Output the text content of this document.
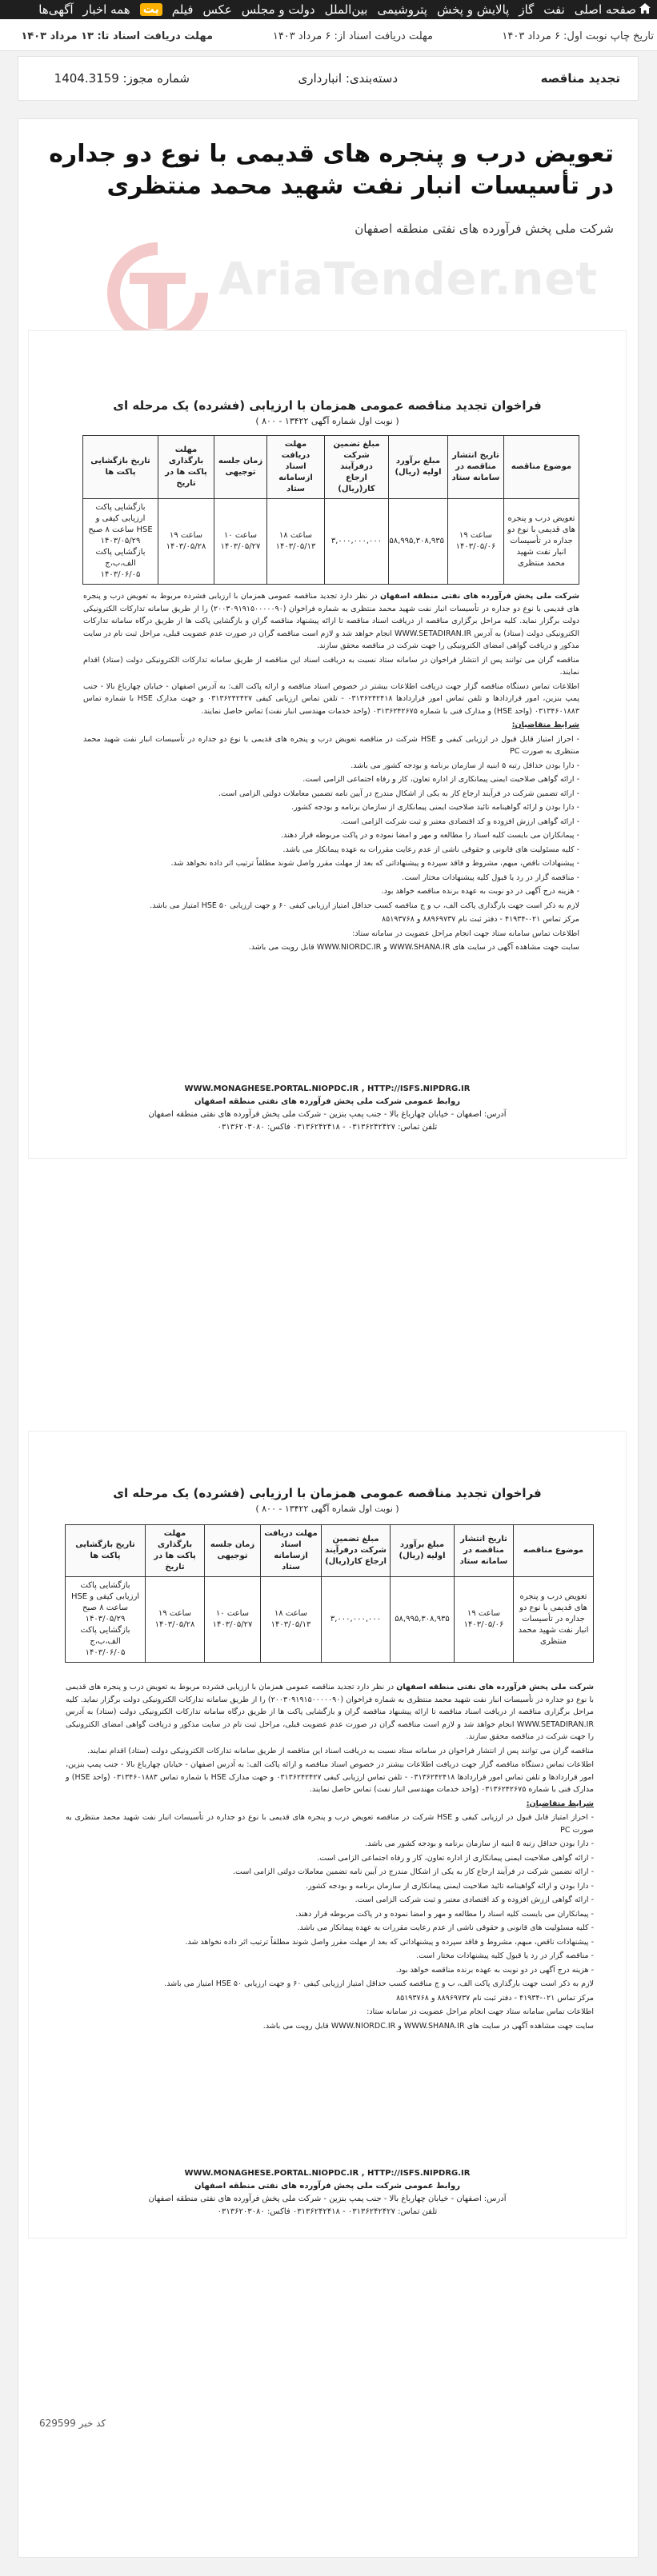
صفحه اصلی
نفت
گاز
پالایش و پخش
پتروشیمی
بین‌الملل
دولت و مجلس
عکس
فیلم
پت
همه اخبار
آگهی‌ها
تاریخ چاپ نوبت اول: ۶ مرداد ۱۴۰۳
مهلت دریافت اسناد از: ۶ مرداد ۱۴۰۳
مهلت دریافت اسناد تا: ۱۳ مرداد ۱۴۰۳
تجدید مناقصه
دسته‌بندی: انبارداری
شماره مجوز: 1404.3159
تعویض درب و پنجره های قدیمی با نوع دو جداره در تأسیسات انبار نفت شهید محمد منتظری
شرکت ملی پخش فرآورده های نفتی منطقه اصفهان
AriaTender.net
فراخوان تجدید مناقصه عمومی همزمان با ارزیابی (فشرده) یک مرحله ای
( نوبت اول شماره آگهی ۱۳۴۲۲ - ۸۰۰ )
موضوع مناقصه	تاریخ انتشار مناقصه در سامانه ستاد	مبلغ برآورد اولیه (ریال)	مبلغ تضمین شرکت درفرآیند ارجاع کار(ریال)	مهلت دریافت اسناد ازسامانه ستاد	زمان جلسه توجیهی	مهلت بارگذاری پاکت ها در تاریخ	تاریخ بازگشایی پاکت ها
تعویض درب و پنجره های قدیمی با نوع دو جداره در تأسیسات انبار نفت شهید محمد منتظری	ساعت ۱۹ ۱۴۰۳/۰۵/۰۶	۵۸,۹۹۵,۳۰۸,۹۳۵	۳,۰۰۰,۰۰۰,۰۰۰	ساعت ۱۸ ۱۴۰۳/۰۵/۱۳	ساعت ۱۰ ۱۴۰۳/۰۵/۲۷	ساعت ۱۹ ۱۴۰۳/۰۵/۲۸	بازگشایی پاکت ارزیابی کیفی و HSE ساعت ۸ صبح ۱۴۰۳/۰۵/۲۹ بازگشایی پاکت الف،ب،ج ۱۴۰۳/۰۶/۰۵

شرکت ملی پخش فرآورده های نفتی منطقه اصفهان در نظر دارد تجدید مناقصه عمومی همزمان با ارزیابی فشرده مربوط به تعویض درب و پنجره های قدیمی با نوع دو جداره در تأسیسات انبار نفت شهید محمد منتظری به شماره فراخوان (۲۰۰۳۰۹۱۹۱۵۰۰۰۰۰۹۰) را از طریق سامانه تدارکات الکترونیکی دولت برگزار نماید. کلیه مراحل برگزاری مناقصه از دریافت اسناد مناقصه تا ارائه پیشنهاد مناقصه گران و بازگشایی پاکت ها از طریق درگاه سامانه تدارکات الکترونیکی دولت (ستاد) به آدرس WWW.SETADIRAN.IR انجام خواهد شد و لازم است مناقصه گران در صورت عدم عضویت قبلی، مراحل ثبت نام در سایت مذکور و دریافت گواهی امضای الکترونیکی را جهت شرکت در مناقصه محقق سازند.

مناقصه گران می توانند پس از انتشار فراخوان در سامانه ستاد نسبت به دریافت اسناد این مناقصه از طریق سامانه تدارکات الکترونیکی دولت (ستاد) اقدام نمایند.

اطلاعات تماس دستگاه مناقصه گزار جهت دریافت اطلاعات بیشتر در خصوص اسناد مناقصه و ارائه پاکت الف: به آدرس اصفهان - خیابان چهارباغ بالا - جنب پمپ بنزین، امور قراردادها و تلفن تماس امور قراردادها ۰۳۱۳۶۲۴۲۴۱۸ - تلفن تماس ارزیابی کیفی ۰۳۱۳۶۲۴۲۴۲۷ و جهت مدارک HSE با شماره تماس ۰۳۱۳۴۶۰۱۸۸۳ (واحد HSE) و مدارک فنی با شماره ۰۳۱۳۶۲۴۲۶۷۵ (واحد خدمات مهندسی انبار نفت) تماس حاصل نمایند.

شرایط متقاضیان:

- احراز امتیاز قابل قبول در ارزیابی کیفی و HSE شرکت در مناقصه تعویض درب و پنجره های قدیمی با نوع دو جداره در تأسیسات انبار نفت شهید محمد منتظری به صورت PC

- دارا بودن حداقل رتبه ۵ ابنیه از سازمان برنامه و بودجه کشور می باشد.

- ارائه گواهی صلاحیت ایمنی پیمانکاری از اداره تعاون، کار و رفاه اجتماعی الزامی است.

- ارائه تضمین شرکت در فرآیند ارجاع کار به یکی از اشکال مندرج در آیین نامه تضمین معاملات دولتی الزامی است.

- دارا بودن و ارائه گواهینامه تائید صلاحیت ایمنی پیمانکاری از سازمان برنامه و بودجه کشور.

- ارائه گواهی ارزش افزوده و کد اقتصادی معتبر و ثبت شرکت الزامی است.

- پیمانکاران می بایست کلیه اسناد را مطالعه و مهر و امضا نموده و در پاکت مربوطه قرار دهند.

- کلیه مسئولیت های قانونی و حقوقی ناشی از عدم رعایت مقررات به عهده پیمانکار می باشد.

- پیشنهادات ناقص، مبهم، مشروط و فاقد سپرده و پیشنهاداتی که بعد از مهلت مقرر واصل شوند مطلقاً ترتیب اثر داده نخواهد شد.

- مناقصه گزار در رد یا قبول کلیه پیشنهادات مختار است.

- هزینه درج آگهی در دو نوبت به عهده برنده مناقصه خواهد بود.

لازم به ذکر است جهت بارگذاری پاکت الف، ب و ج مناقصه کسب حداقل امتیاز ارزیابی کیفی ۶۰ و جهت ارزیابی HSE ۵۰ امتیاز می باشد.

مرکز تماس ۰۲۱-۴۱۹۳۴ - دفتر ثبت نام ۸۸۹۶۹۷۳۷ و ۸۵۱۹۳۷۶۸

اطلاعات تماس سامانه ستاد جهت انجام مراحل عضویت در سامانه ستاد:

سایت جهت مشاهده آگهی در سایت های WWW.SHANA.IR و WWW.NIORDC.IR قابل رویت می باشد.

WWW.MONAGHESE.PORTAL.NIOPDC.IR , HTTP://ISFS.NIPDRG.IR
روابط عمومی شرکت ملی پخش فرآورده های نفتی منطقه اصفهان
آدرس: اصفهان - خیابان چهارباغ بالا - جنب پمپ بنزین - شرکت ملی پخش فرآورده های نفتی منطقه اصفهان
تلفن تماس: ۰۳۱۳۶۲۴۲۴۲۷ - ۰۳۱۳۶۲۴۲۴۱۸ فاکس: ۰۳۱۳۶۲۰۳۰۸۰
فراخوان تجدید مناقصه عمومی همزمان با ارزیابی (فشرده) یک مرحله ای
( نوبت اول شماره آگهی ۱۳۴۲۲ - ۸۰۰ )
موضوع مناقصه	تاریخ انتشار مناقصه در سامانه ستاد	مبلغ برآورد اولیه (ریال)	مبلغ تضمین شرکت درفرآیند ارجاع کار(ریال)	مهلت دریافت اسناد ازسامانه ستاد	زمان جلسه توجیهی	مهلت بارگذاری پاکت ها در تاریخ	تاریخ بازگشایی پاکت ها
تعویض درب و پنجره های قدیمی با نوع دو جداره در تأسیسات انبار نفت شهید محمد منتظری	ساعت ۱۹ ۱۴۰۳/۰۵/۰۶	۵۸,۹۹۵,۳۰۸,۹۳۵	۳,۰۰۰,۰۰۰,۰۰۰	ساعت ۱۸ ۱۴۰۳/۰۵/۱۳	ساعت ۱۰ ۱۴۰۳/۰۵/۲۷	ساعت ۱۹ ۱۴۰۳/۰۵/۲۸	بازگشایی پاکت ارزیابی کیفی و HSE ساعت ۸ صبح ۱۴۰۳/۰۵/۲۹ بازگشایی پاکت الف،ب،ج ۱۴۰۳/۰۶/۰۵

شرکت ملی پخش فرآورده های نفتی منطقه اصفهان در نظر دارد تجدید مناقصه عمومی همزمان با ارزیابی فشرده مربوط به تعویض درب و پنجره های قدیمی با نوع دو جداره در تأسیسات انبار نفت شهید محمد منتظری به شماره فراخوان (۲۰۰۳۰۹۱۹۱۵۰۰۰۰۰۹۰) را از طریق سامانه تدارکات الکترونیکی دولت برگزار نماید. کلیه مراحل برگزاری مناقصه از دریافت اسناد مناقصه تا ارائه پیشنهاد مناقصه گران و بازگشایی پاکت ها از طریق درگاه سامانه تدارکات الکترونیکی دولت (ستاد) به آدرس WWW.SETADIRAN.IR انجام خواهد شد و لازم است مناقصه گران در صورت عدم عضویت قبلی، مراحل ثبت نام در سایت مذکور و دریافت گواهی امضای الکترونیکی را جهت شرکت در مناقصه محقق سازند.

مناقصه گران می توانند پس از انتشار فراخوان در سامانه ستاد نسبت به دریافت اسناد این مناقصه از طریق سامانه تدارکات الکترونیکی دولت (ستاد) اقدام نمایند.

اطلاعات تماس دستگاه مناقصه گزار جهت دریافت اطلاعات بیشتر در خصوص اسناد مناقصه و ارائه پاکت الف: به آدرس اصفهان - خیابان چهارباغ بالا - جنب پمپ بنزین، امور قراردادها و تلفن تماس امور قراردادها ۰۳۱۳۶۲۴۲۴۱۸ - تلفن تماس ارزیابی کیفی ۰۳۱۳۶۲۴۲۴۲۷ و جهت مدارک HSE با شماره تماس ۰۳۱۳۴۶۰۱۸۸۳ (واحد HSE) و مدارک فنی با شماره ۰۳۱۳۶۲۴۲۶۷۵ (واحد خدمات مهندسی انبار نفت) تماس حاصل نمایند.

شرایط متقاضیان:

- احراز امتیاز قابل قبول در ارزیابی کیفی و HSE شرکت در مناقصه تعویض درب و پنجره های قدیمی با نوع دو جداره در تأسیسات انبار نفت شهید محمد منتظری به صورت PC

- دارا بودن حداقل رتبه ۵ ابنیه از سازمان برنامه و بودجه کشور می باشد.

- ارائه گواهی صلاحیت ایمنی پیمانکاری از اداره تعاون، کار و رفاه اجتماعی الزامی است.

- ارائه تضمین شرکت در فرآیند ارجاع کار به یکی از اشکال مندرج در آیین نامه تضمین معاملات دولتی الزامی است.

- دارا بودن و ارائه گواهینامه تائید صلاحیت ایمنی پیمانکاری از سازمان برنامه و بودجه کشور.

- ارائه گواهی ارزش افزوده و کد اقتصادی معتبر و ثبت شرکت الزامی است.

- پیمانکاران می بایست کلیه اسناد را مطالعه و مهر و امضا نموده و در پاکت مربوطه قرار دهند.

- کلیه مسئولیت های قانونی و حقوقی ناشی از عدم رعایت مقررات به عهده پیمانکار می باشد.

- پیشنهادات ناقص، مبهم، مشروط و فاقد سپرده و پیشنهاداتی که بعد از مهلت مقرر واصل شوند مطلقاً ترتیب اثر داده نخواهد شد.

- مناقصه گزار در رد یا قبول کلیه پیشنهادات مختار است.

- هزینه درج آگهی در دو نوبت به عهده برنده مناقصه خواهد بود.

لازم به ذکر است جهت بارگذاری پاکت الف، ب و ج مناقصه کسب حداقل امتیاز ارزیابی کیفی ۶۰ و جهت ارزیابی HSE ۵۰ امتیاز می باشد.

مرکز تماس ۰۲۱-۴۱۹۳۴ - دفتر ثبت نام ۸۸۹۶۹۷۳۷ و ۸۵۱۹۳۷۶۸

اطلاعات تماس سامانه ستاد جهت انجام مراحل عضویت در سامانه ستاد:

سایت جهت مشاهده آگهی در سایت های WWW.SHANA.IR و WWW.NIORDC.IR قابل رویت می باشد.

WWW.MONAGHESE.PORTAL.NIOPDC.IR , HTTP://ISFS.NIPDRG.IR
روابط عمومی شرکت ملی پخش فرآورده های نفتی منطقه اصفهان
آدرس: اصفهان - خیابان چهارباغ بالا - جنب پمپ بنزین - شرکت ملی پخش فرآورده های نفتی منطقه اصفهان
تلفن تماس: ۰۳۱۳۶۲۴۲۴۲۷ - ۰۳۱۳۶۲۴۲۴۱۸ فاکس: ۰۳۱۳۶۲۰۳۰۸۰
کد خبر 629599
